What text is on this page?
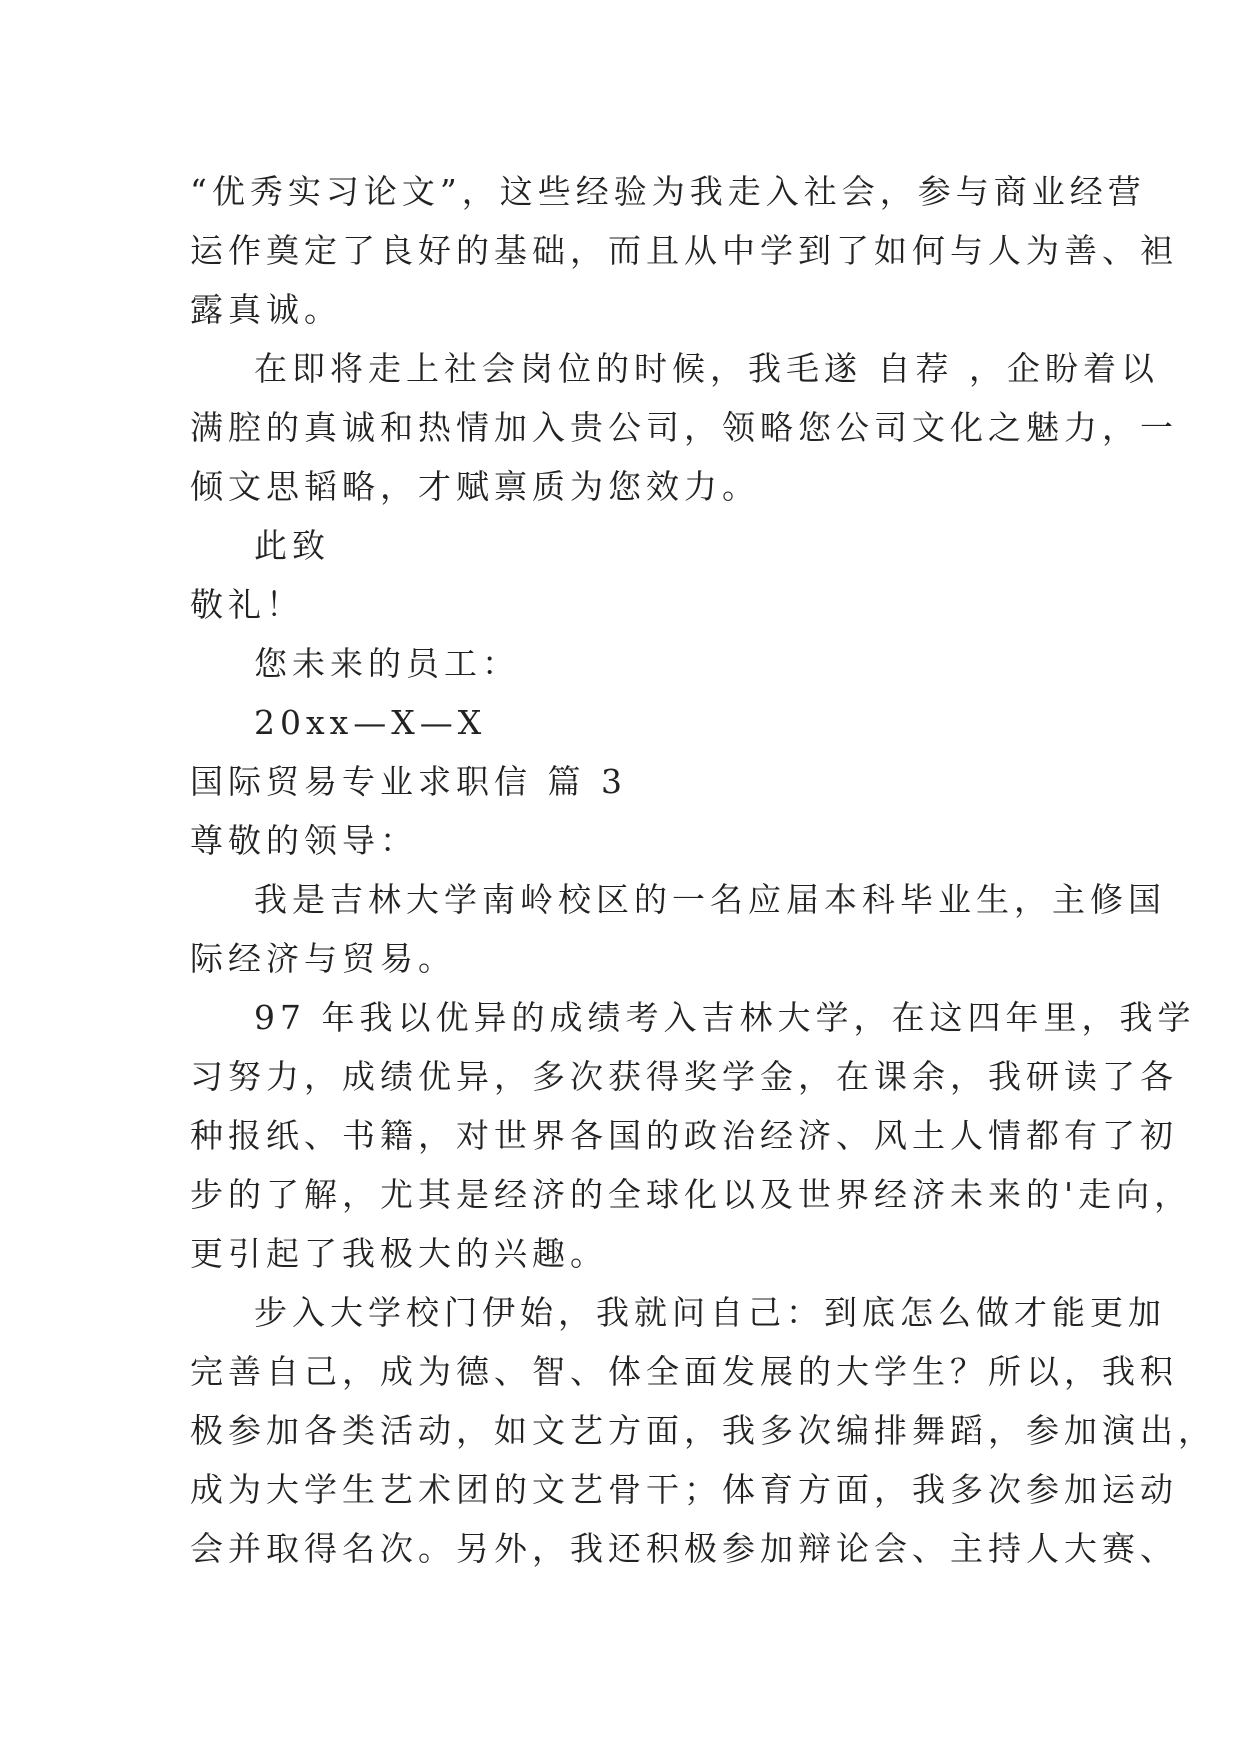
“优秀实习论文”，这些经验为我走入社会，参与商业经营
运作奠定了良好的基础，而且从中学到了如何与人为善、袒
露真诚。
在即将走上社会岗位的时候，我毛遂 自荐 ，企盼着以
满腔的真诚和热情加入贵公司，领略您公司文化之魅力，一
倾文思韬略，才赋禀质为您效力。
此致
敬礼！
您未来的员工：
20xx—X—X
国际贸易专业求职信 篇 3
尊敬的领导：
我是吉林大学南岭校区的一名应届本科毕业生，主修国
际经济与贸易。
97 年我以优异的成绩考入吉林大学，在这四年里，我学
习努力，成绩优异，多次获得奖学金，在课余，我研读了各
种报纸、书籍，对世界各国的政治经济、风土人情都有了初
步的了解，尤其是经济的全球化以及世界经济未来的'走向，
更引起了我极大的兴趣。
步入大学校门伊始，我就问自己：到底怎么做才能更加
完善自己，成为德、智、体全面发展的大学生？所以，我积
极参加各类活动，如文艺方面，我多次编排舞蹈，参加演出，
成为大学生艺术团的文艺骨干；体育方面，我多次参加运动
会并取得名次。另外，我还积极参加辩论会、主持人大赛、
